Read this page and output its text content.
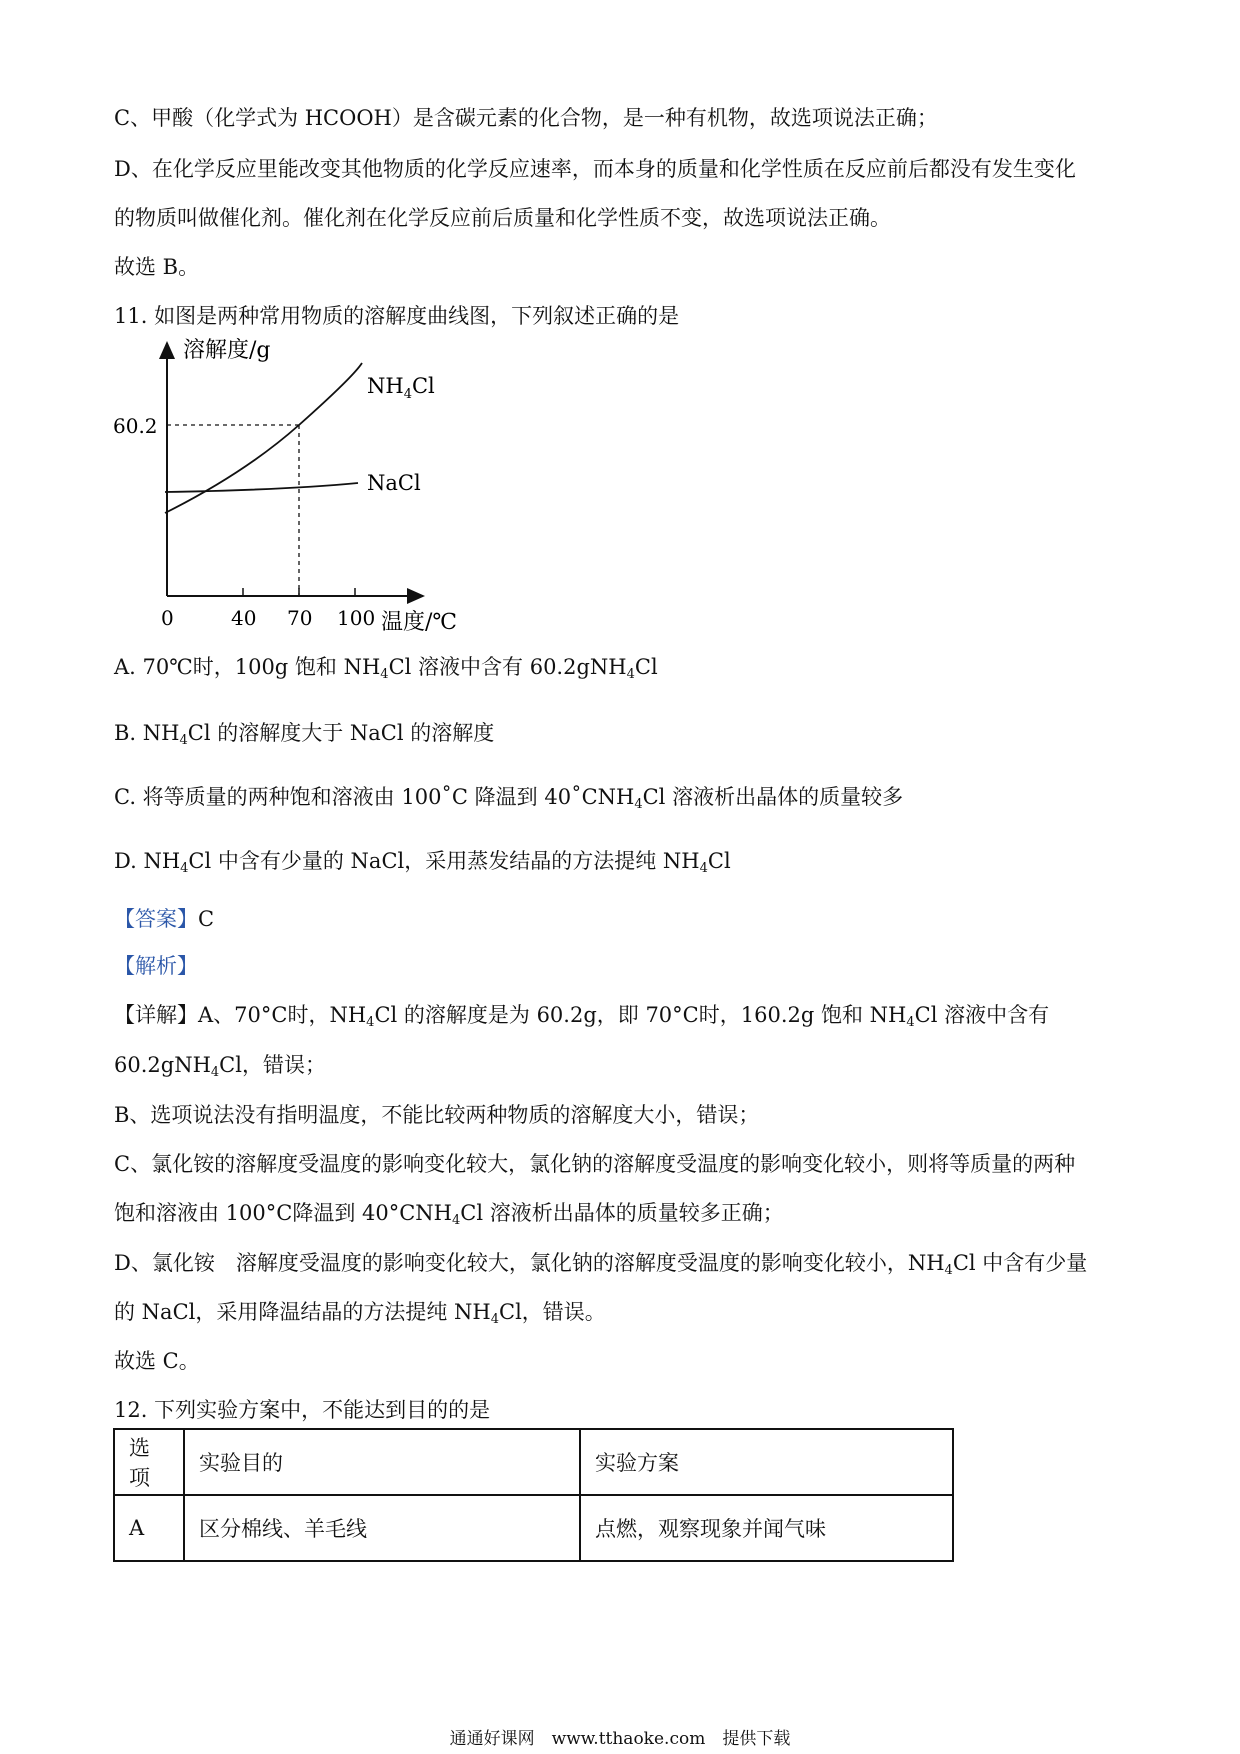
C、甲酸（化学式为 HCOOH）是含碳元素的化合物，是一种有机物，故选项说法正确；
D、在化学反应里能改变其他物质的化学反应速率，而本身的质量和化学性质在反应前后都没有发生变化
的物质叫做催化剂。催化剂在化学反应前后质量和化学性质不变，故选项说法正确。
故选 B。
11. 如图是两种常用物质的溶解度曲线图，下列叙述正确的是
溶解度/g
60.2
0	40 70 100 温度/℃
$NH_4Cl$
NaCl
A. 70℃时，100g 饱和 $NH_4Cl$ 溶液中含有 60.2gNH$_4$Cl
B. $NH_4Cl$ 的溶解度大于 NaCl 的溶解度
C. 将等质量的两种饱和溶液由 100˚C 降温到 $40˚CNH_4Cl$ 溶液析出晶体的质量较多
D. $NH_4Cl$ 中含有少量的 NaCl，采用蒸发结晶的方法提纯 $NH_4Cl$
【答案】C
【解析】
【详解】A、70°C时，$NH_4Cl$ 的溶解度是为 60.2g，即 70°C时，160.2g 饱和 $NH_4Cl$ 溶液中含有
60.2gNH$_4$Cl，错误；
B、选项说法没有指明温度，不能比较两种物质的溶解度大小，错误；
C、氯化铵的溶解度受温度的影响变化较大，氯化钠的溶解度受温度的影响变化较小，则将等质量的两种
饱和溶液由 100°C降温到 $40^\circ CNH_4Cl$ 溶液析出晶体的质量较多正确；
D、氯化铵　溶解度受温度的影响变化较大，氯化钠的溶解度受温度的影响变化较小，$NH_4Cl$ 中含有少量
的 NaCl，采用降温结晶的方法提纯 $NH_4Cl$，错误。
故选 C。
12. 下列实验方案中，不能达到目的的是
选项	实验目的	实验方案
A	区分棉线、羊毛线	点燃，观察现象并闻气味
通通好课网　www.tthaoke.com　提供下载
